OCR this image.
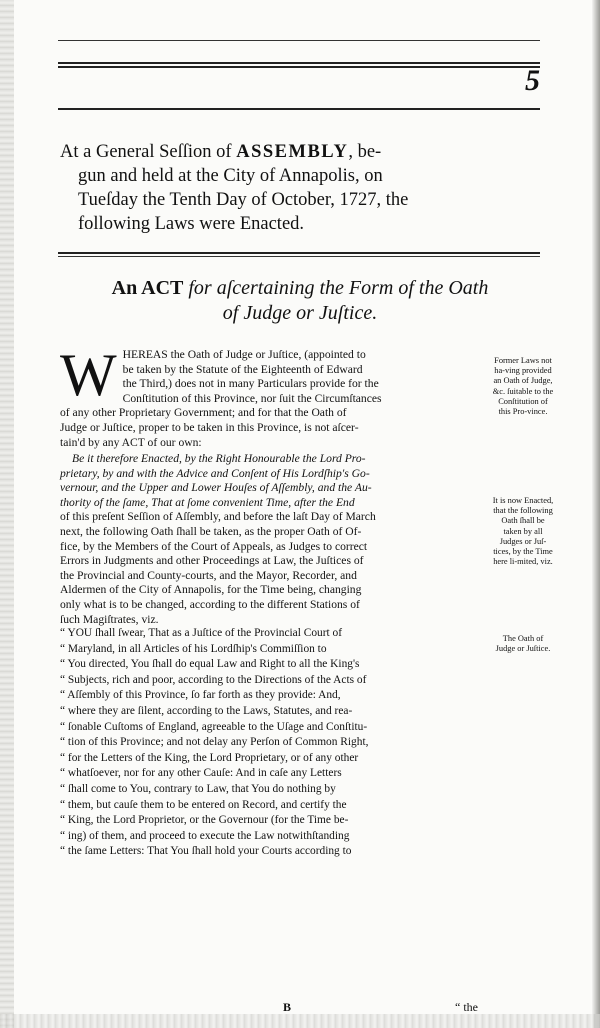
5
At a General Seſſion of ASSEMBLY, be-
gun and held at the City of Annapolis, on
Tueſday the Tenth Day of October, 1727, the
following Laws were Enacted.
An ACT for aſcertaining the Form of the Oath
of Judge or Juſtice.
W HEREAS the Oath of Judge or Juſtice, (appointed to

be taken by the Statute of the Eighteenth of Edward

the Third,) does not in many Particulars provide for the

Conſtitution of this Province, nor ſuit the Circumſtances

of any other Proprietary Government; and for that the Oath of

Judge or Juſtice, proper to be taken in this Province, is not aſcer-

tain'd by any ACT of our own:

Be it therefore Enacted, by the Right Honourable the Lord Pro-

prietary, by and with the Advice and Conſent of His Lordſhip's Go-

vernour, and the Upper and Lower Houſes of Aſſembly, and the Au-

thority of the ſame, That at ſome convenient Time, after the End

of this preſent Seſſion of Aſſembly, and before the laſt Day of March

next, the following Oath ſhall be taken, as the proper Oath of Of-

fice, by the Members of the Court of Appeals, as Judges to correct

Errors in Judgments and other Proceedings at Law, the Juſtices of

the Provincial and County-courts, and the Mayor, Recorder, and

Aldermen of the City of Annapolis, for the Time being, changing

only what is to be changed, according to the different Stations of

ſuch Magiſtrates, viz.

“ YOU ſhall ſwear, That as a Juſtice of the Provincial Court of

“ Maryland, in all Articles of his Lordſhip's Commiſſion to

“ You directed, You ſhall do equal Law and Right to all the King's

“ Subjects, rich and poor, according to the Directions of the Acts of

“ Aſſembly of this Province, ſo far forth as they provide: And,

“ where they are ſilent, according to the Laws, Statutes, and rea-

“ ſonable Cuſtoms of England, agreeable to the Uſage and Conſtitu-

“ tion of this Province; and not delay any Perſon of Common Right,

“ for the Letters of the King, the Lord Proprietary, or of any other

“ whatſoever, nor for any other Cauſe: And in caſe any Letters

“ ſhall come to You, contrary to Law, that You do nothing by

“ them, but cauſe them to be entered on Record, and certify the

“ King, the Lord Proprietor, or the Governour (for the Time be-

“ ing) of them, and proceed to execute the Law notwithſtanding

“ the ſame Letters: That You ſhall hold your Courts according to

Former Laws not ha-ving provided an Oath of Judge, &c. ſuitable to the Conſtitution of this Pro-vince.
It is now Enacted, that the following Oath ſhall be taken by all Judges or Juſ-tices, by the Time here li-mited, viz.
The Oath of Judge or Juſtice.
B	“ the
